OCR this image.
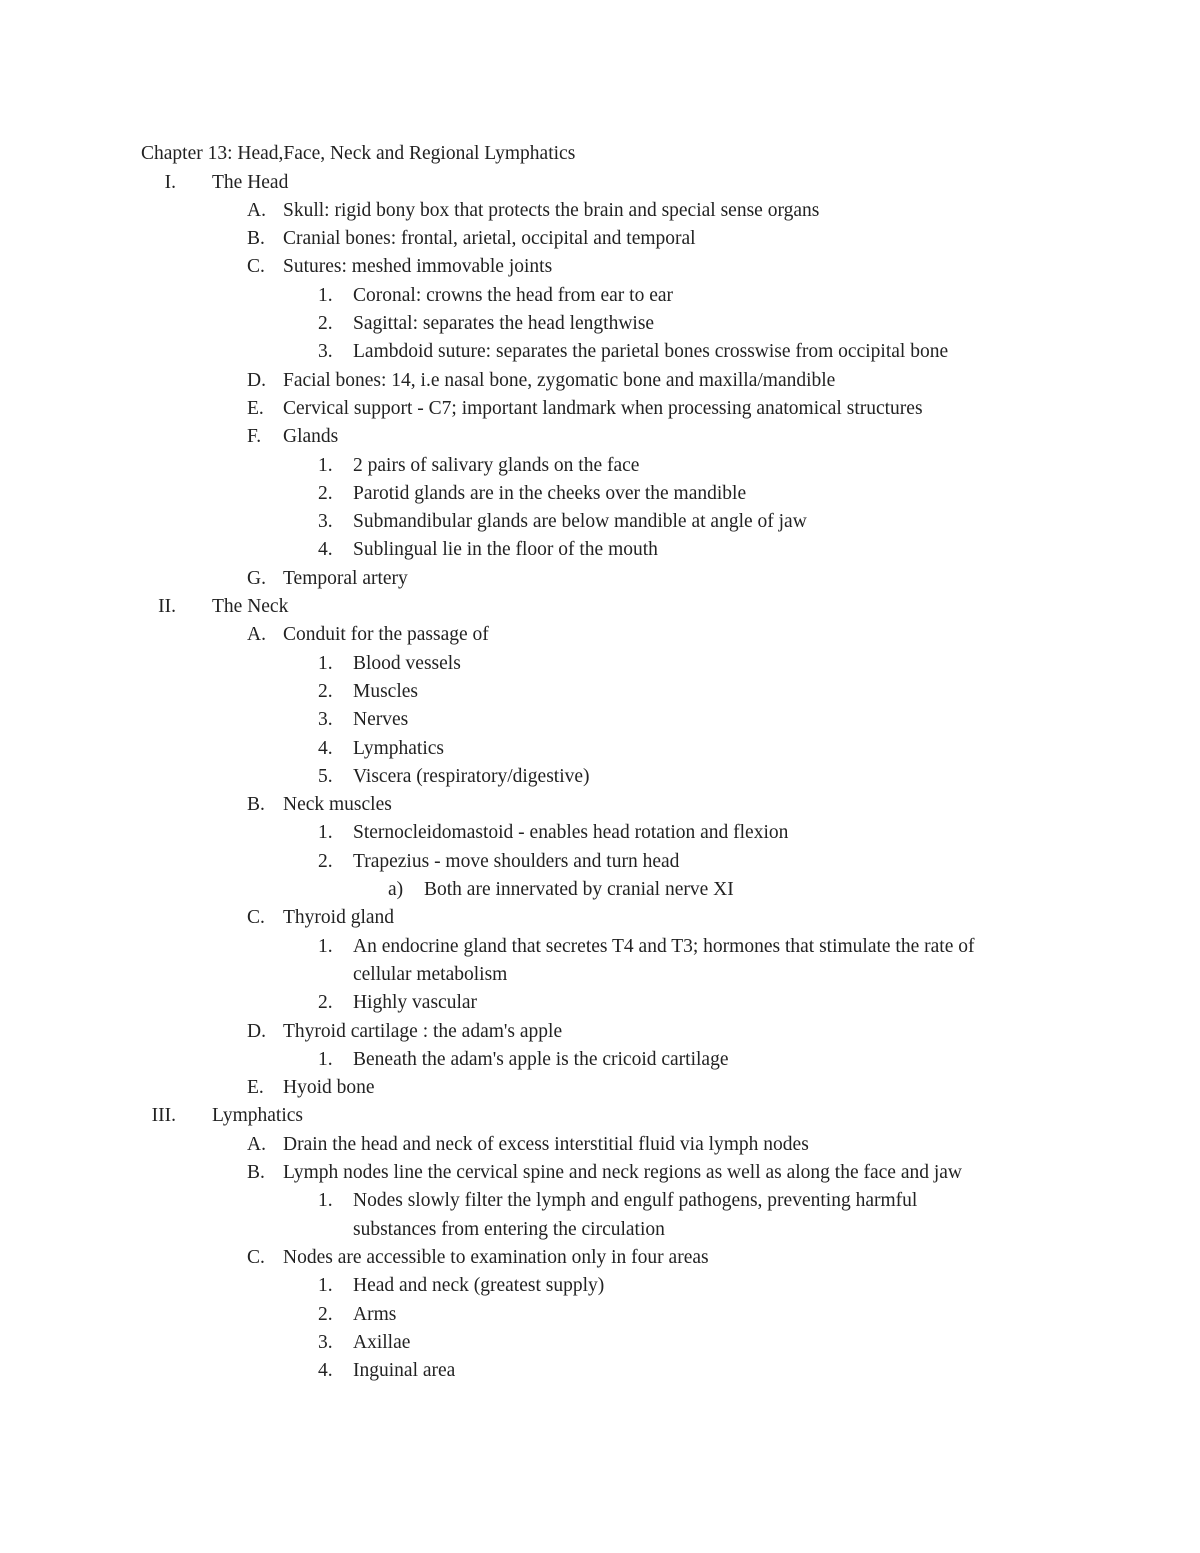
Chapter 13: Head,Face, Neck and Regional Lymphatics
I. The Head
A. Skull: rigid bony box that protects the brain and special sense organs
B. Cranial bones: frontal, arietal, occipital and temporal
C. Sutures: meshed immovable joints
1. Coronal: crowns the head from ear to ear
2. Sagittal: separates the head lengthwise
3. Lambdoid suture: separates the parietal bones crosswise from occipital bone
D. Facial bones: 14, i.e nasal bone, zygomatic bone and maxilla/mandible
E. Cervical support - C7; important landmark when processing anatomical structures
F. Glands
1. 2 pairs of salivary glands on the face
2. Parotid glands are in the cheeks over the mandible
3. Submandibular glands are below mandible at angle of jaw
4. Sublingual lie in the floor of the mouth
G. Temporal artery
II. The Neck
A. Conduit for the passage of
1. Blood vessels
2. Muscles
3. Nerves
4. Lymphatics
5. Viscera (respiratory/digestive)
B. Neck muscles
1. Sternocleidomastoid - enables head rotation and flexion
2. Trapezius - move shoulders and turn head
a) Both are innervated by cranial nerve XI
C. Thyroid gland
1. An endocrine gland that secretes T4 and T3; hormones that stimulate the rate of
cellular metabolism
2. Highly vascular
D. Thyroid cartilage : the adam's apple
1. Beneath the adam's apple is the cricoid cartilage
E. Hyoid bone
III. Lymphatics
A. Drain the head and neck of excess interstitial fluid via lymph nodes
B. Lymph nodes line the cervical spine and neck regions as well as along the face and jaw
1. Nodes slowly filter the lymph and engulf pathogens, preventing harmful
substances from entering the circulation
C. Nodes are accessible to examination only in four areas
1. Head and neck (greatest supply)
2. Arms
3. Axillae
4. Inguinal area
